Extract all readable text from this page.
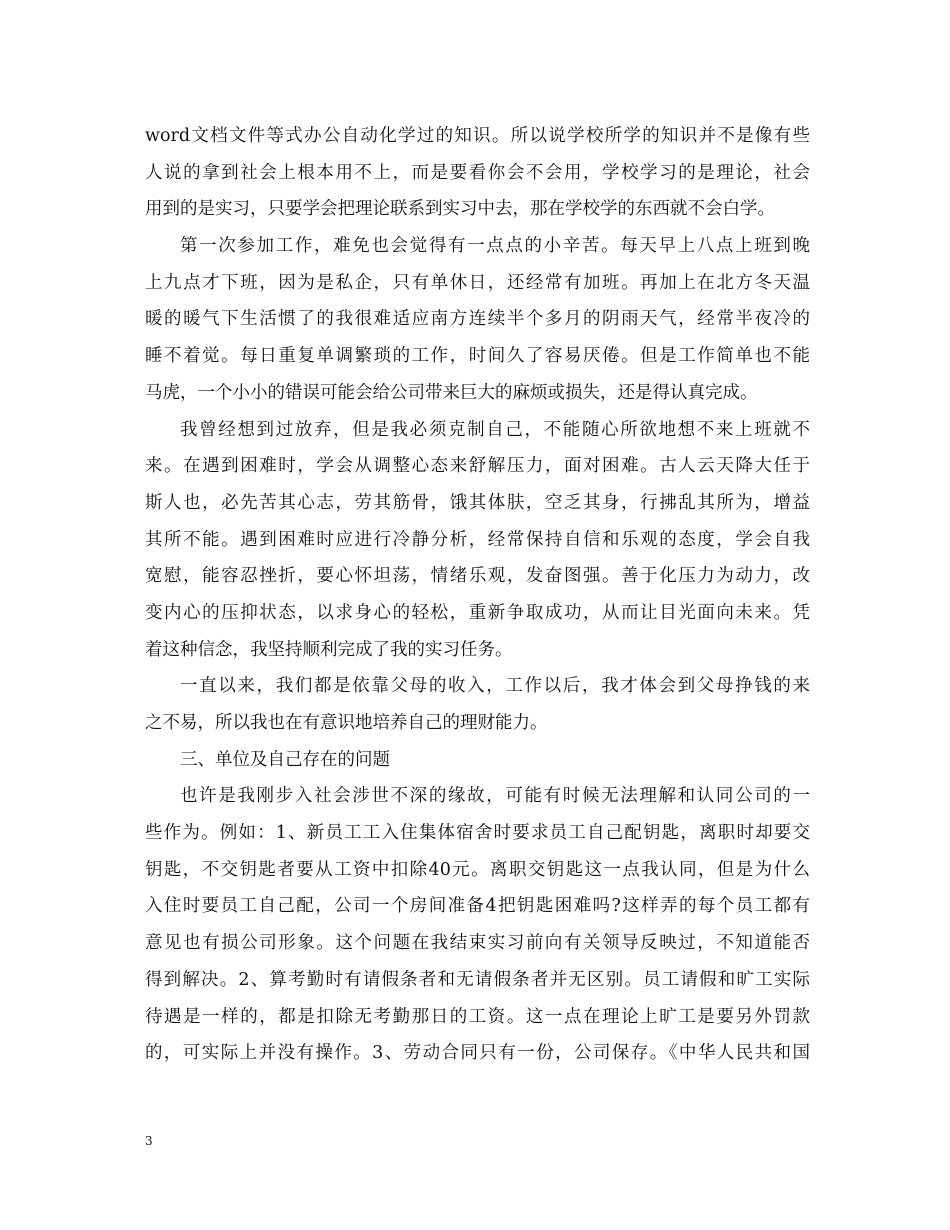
word文档文件等式办公自动化学过的知识。所以说学校所学的知识并不是像有些
人说的拿到社会上根本用不上，而是要看你会不会用，学校学习的是理论，社会
用到的是实习，只要学会把理论联系到实习中去，那在学校学的东西就不会白学。
第一次参加工作，难免也会觉得有一点点的小辛苦。每天早上八点上班到晚
上九点才下班，因为是私企，只有单休日，还经常有加班。再加上在北方冬天温
暖的暖气下生活惯了的我很难适应南方连续半个多月的阴雨天气，经常半夜冷的
睡不着觉。每日重复单调繁琐的工作，时间久了容易厌倦。但是工作简单也不能
马虎，一个小小的错误可能会给公司带来巨大的麻烦或损失，还是得认真完成。
我曾经想到过放弃，但是我必须克制自己，不能随心所欲地想不来上班就不
来。在遇到困难时，学会从调整心态来舒解压力，面对困难。古人云天降大任于
斯人也，必先苦其心志，劳其筋骨，饿其体肤，空乏其身，行拂乱其所为，增益
其所不能。遇到困难时应进行冷静分析，经常保持自信和乐观的态度，学会自我
宽慰，能容忍挫折，要心怀坦荡，情绪乐观，发奋图强。善于化压力为动力，改
变内心的压抑状态，以求身心的轻松，重新争取成功，从而让目光面向未来。凭
着这种信念，我坚持顺利完成了我的实习任务。
一直以来，我们都是依靠父母的收入，工作以后，我才体会到父母挣钱的来
之不易，所以我也在有意识地培养自己的理财能力。
三、单位及自己存在的问题
也许是我刚步入社会涉世不深的缘故，可能有时候无法理解和认同公司的一
些作为。例如：1、新员工工入住集体宿舍时要求员工自己配钥匙，离职时却要交
钥匙，不交钥匙者要从工资中扣除40元。离职交钥匙这一点我认同，但是为什么
入住时要员工自己配，公司一个房间准备4把钥匙困难吗?这样弄的每个员工都有
意见也有损公司形象。这个问题在我结束实习前向有关领导反映过，不知道能否
得到解决。2、算考勤时有请假条者和无请假条者并无区别。员工请假和旷工实际
待遇是一样的，都是扣除无考勤那日的工资。这一点在理论上旷工是要另外罚款
的，可实际上并没有操作。3、劳动合同只有一份，公司保存。《中华人民共和国
3
